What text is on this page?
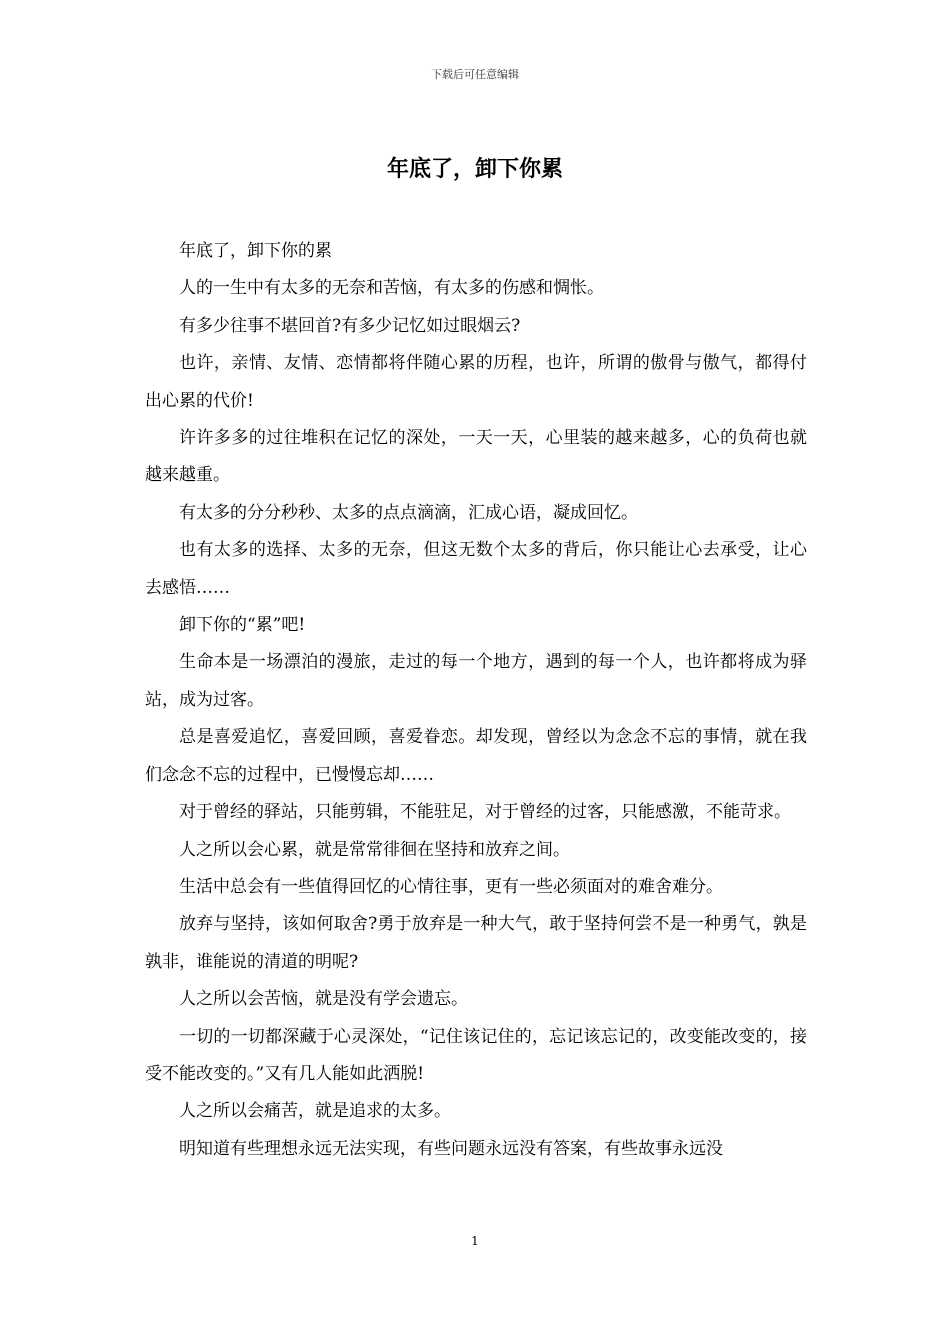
下载后可任意编辑
年底了，卸下你累

年底了，卸下你的累

人的一生中有太多的无奈和苦恼，有太多的伤感和惆怅。

有多少往事不堪回首?有多少记忆如过眼烟云?

也许，亲情、友情、恋情都将伴随心累的历程，也许，所谓的傲骨与傲气，都得付出心累的代价!

许许多多的过往堆积在记忆的深处，一天一天，心里装的越来越多，心的负荷也就越来越重。

有太多的分分秒秒、太多的点点滴滴，汇成心语，凝成回忆。

也有太多的选择、太多的无奈，但这无数个太多的背后，你只能让心去承受，让心去感悟……

卸下你的“累”吧!

生命本是一场漂泊的漫旅，走过的每一个地方，遇到的每一个人，也许都将成为驿站，成为过客。

总是喜爱追忆，喜爱回顾，喜爱眷恋。却发现，曾经以为念念不忘的事情，就在我们念念不忘的过程中，已慢慢忘却……

对于曾经的驿站，只能剪辑，不能驻足，对于曾经的过客，只能感激，不能苛求。

人之所以会心累，就是常常徘徊在坚持和放弃之间。

生活中总会有一些值得回忆的心情往事，更有一些必须面对的难舍难分。

放弃与坚持，该如何取舍?勇于放弃是一种大气，敢于坚持何尝不是一种勇气，孰是孰非，谁能说的清道的明呢?

人之所以会苦恼，就是没有学会遗忘。

一切的一切都深藏于心灵深处，“记住该记住的，忘记该忘记的，改变能改变的，接受不能改变的。”又有几人能如此洒脱!

人之所以会痛苦，就是追求的太多。

明知道有些理想永远无法实现，有些问题永远没有答案，有些故事永远没

1
